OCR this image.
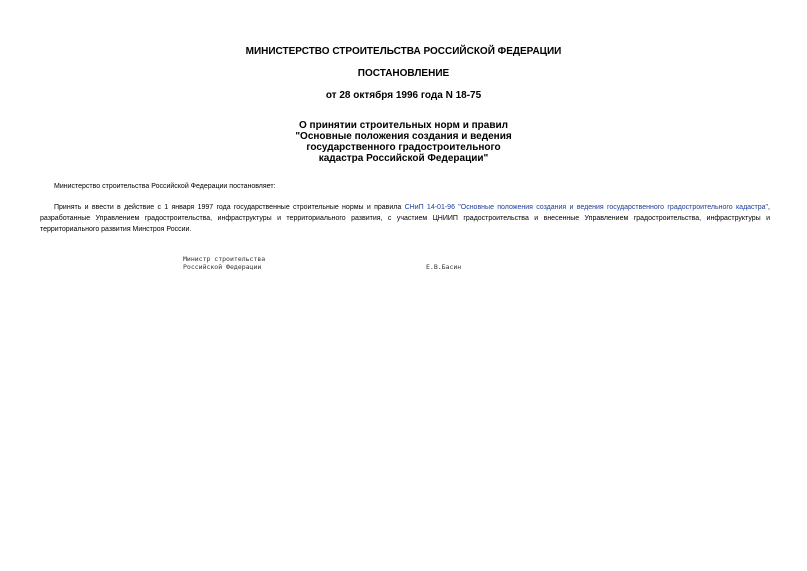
МИНИСТЕРСТВО СТРОИТЕЛЬСТВА РОССИЙСКОЙ ФЕДЕРАЦИИ
ПОСТАНОВЛЕНИЕ
от 28 октября 1996 года N 18-75
О принятии строительных норм и правил
"Основные положения создания и ведения
государственного градостроительного
кадастра Российской Федерации"
Министерство строительства Российской Федерации постановляет:
Принять и ввести в действие с 1 января 1997 года государственные строительные нормы и правила СНиП 14-01-96 "Основные положения создания и ведения государственного градостроительного кадастра", разработанные Управлением градостроительства, инфраструктуры и территориального развития, с участием ЦНИИП градостроительства и внесенные Управлением градостроительства, инфраструктуры и территориального развития Минстроя России.
Министр строительства
Российской Федерации	Е.В.Басин
